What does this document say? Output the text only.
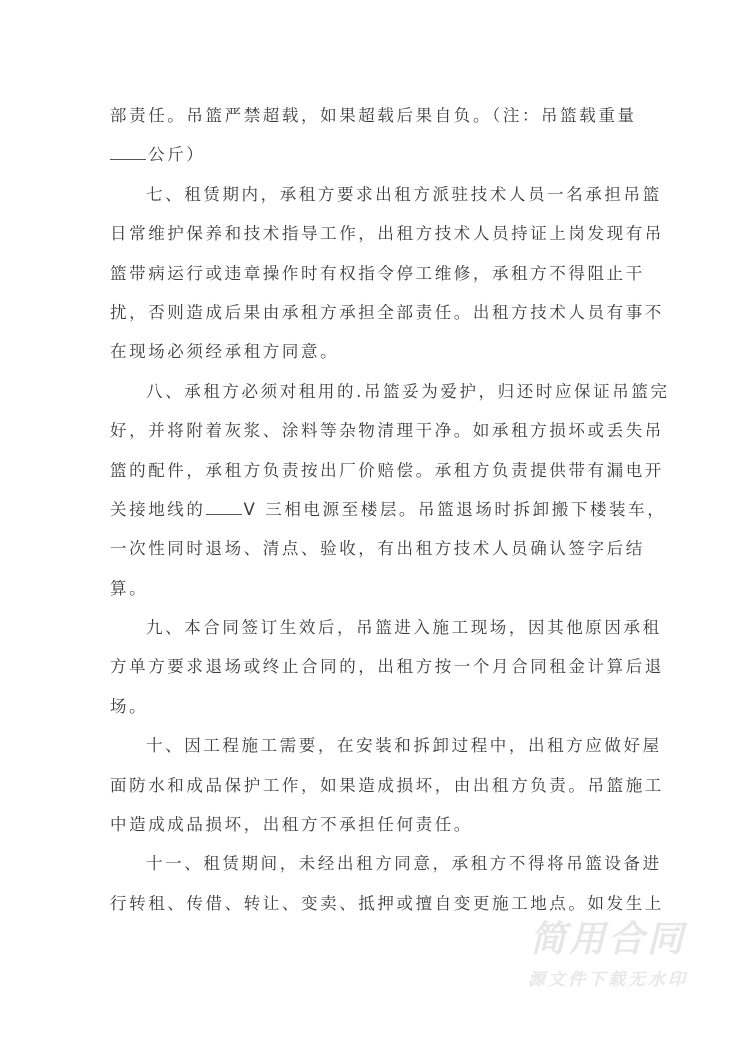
部责任。吊篮严禁超载，如果超载后果自负。（注：吊篮载重量
公斤）

七、租赁期内，承租方要求出租方派驻技术人员一名承担吊篮
日常维护保养和技术指导工作，出租方技术人员持证上岗发现有吊
篮带病运行或违章操作时有权指令停工维修，承租方不得阻止干
扰，否则造成后果由承租方承担全部责任。出租方技术人员有事不
在现场必须经承租方同意。

八、承租方必须对租用的.吊篮妥为爱护，归还时应保证吊篮完
好，并将附着灰浆、涂料等杂物清理干净。如承租方损坏或丢失吊
篮的配件，承租方负责按出厂价赔偿。承租方负责提供带有漏电开
关接地线的 V 三相电源至楼层。吊篮退场时拆卸搬下楼装车，
一次性同时退场、清点、验收，有出租方技术人员确认签字后结
算。

九、本合同签订生效后，吊篮进入施工现场，因其他原因承租
方单方要求退场或终止合同的，出租方按一个月合同租金计算后退
场。

十、因工程施工需要，在安装和拆卸过程中，出租方应做好屋
面防水和成品保护工作，如果造成损坏，由出租方负责。吊篮施工
中造成成品损坏，出租方不承担任何责任。

十一、租赁期间，未经出租方同意，承租方不得将吊篮设备进
行转租、传借、转让、变卖、抵押或擅自变更施工地点。如发生上

简用合同
源文件下载无水印
